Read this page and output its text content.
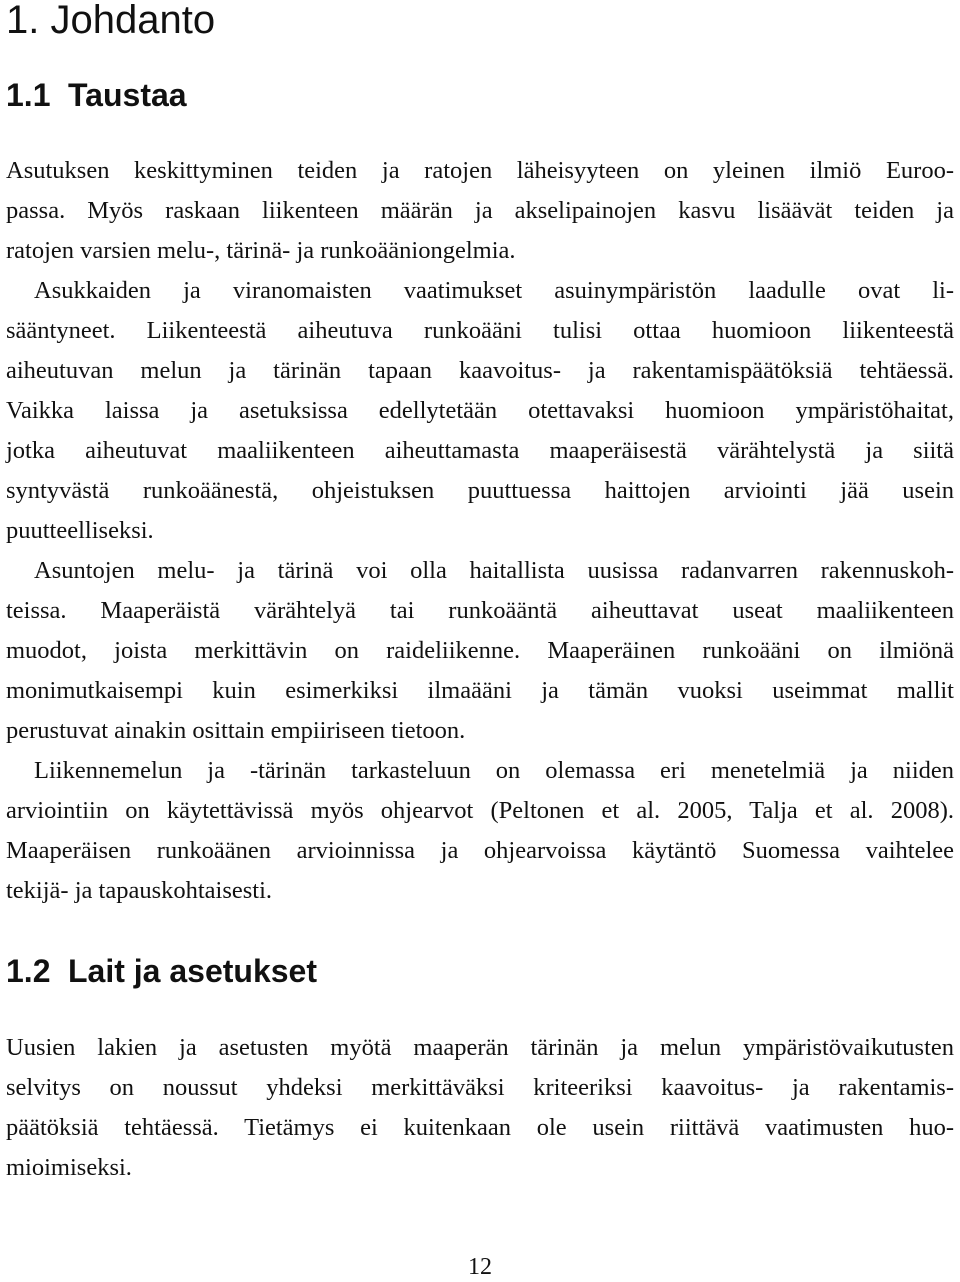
1. Johdanto
1.1 Taustaa

Asutuksen keskittyminen teiden ja ratojen läheisyyteen on yleinen ilmiö Euroo-

passa. Myös raskaan liikenteen määrän ja akselipainojen kasvu lisäävät teiden ja

ratojen varsien melu-, tärinä- ja runkoääniongelmia.

Asukkaiden ja viranomaisten vaatimukset asuinympäristön laadulle ovat li-

sääntyneet. Liikenteestä aiheutuva runkoääni tulisi ottaa huomioon liikenteestä

aiheutuvan melun ja tärinän tapaan kaavoitus- ja rakentamispäätöksiä tehtäessä.

Vaikka laissa ja asetuksissa edellytetään otettavaksi huomioon ympäristöhaitat,

jotka aiheutuvat maaliikenteen aiheuttamasta maaperäisestä värähtelystä ja siitä

syntyvästä runkoäänestä, ohjeistuksen puuttuessa haittojen arviointi jää usein

puutteelliseksi.

Asuntojen melu- ja tärinä voi olla haitallista uusissa radanvarren rakennuskoh-

teissa. Maaperäistä värähtelyä tai runkoääntä aiheuttavat useat maaliikenteen

muodot, joista merkittävin on raideliikenne. Maaperäinen runkoääni on ilmiönä

monimutkaisempi kuin esimerkiksi ilmaääni ja tämän vuoksi useimmat mallit

perustuvat ainakin osittain empiiriseen tietoon.

Liikennemelun ja -tärinän tarkasteluun on olemassa eri menetelmiä ja niiden

arviointiin on käytettävissä myös ohjearvot (Peltonen et al. 2005, Talja et al. 2008).

Maaperäisen runkoäänen arvioinnissa ja ohjearvoissa käytäntö Suomessa vaihtelee

tekijä- ja tapauskohtaisesti.

1.2 Lait ja asetukset

Uusien lakien ja asetusten myötä maaperän tärinän ja melun ympäristövaikutusten

selvitys on noussut yhdeksi merkittäväksi kriteeriksi kaavoitus- ja rakentamis-

päätöksiä tehtäessä. Tietämys ei kuitenkaan ole usein riittävä vaatimusten huo-

mioimiseksi.

12
